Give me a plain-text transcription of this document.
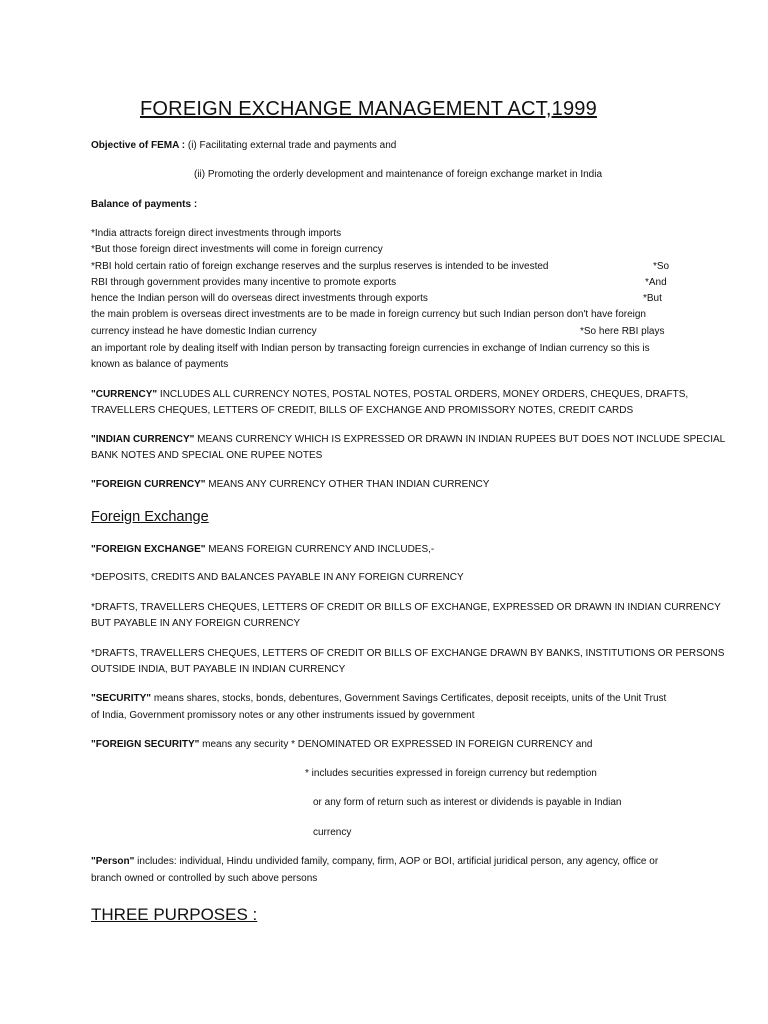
FOREIGN EXCHANGE MANAGEMENT ACT,1999
Objective of FEMA : (i) Facilitating external trade and payments and
(ii) Promoting the orderly development and maintenance of foreign exchange market in India
Balance of payments :
*India attracts foreign direct investments through imports
*But those foreign direct investments will come in foreign currency
*RBI hold certain ratio of foreign exchange reserves and the surplus reserves is intended to be invested	*So
RBI through government provides many incentive to promote exports	*And
hence the Indian person will do overseas direct investments through exports	*But
the main problem is overseas direct investments are to be made in foreign currency but such Indian person don't have foreign
currency instead he have domestic Indian currency	*So here RBI plays
an important role by dealing itself with Indian person by transacting foreign currencies in exchange of Indian currency so this is
known as balance of payments
"CURRENCY" INCLUDES ALL CURRENCY NOTES, POSTAL NOTES, POSTAL ORDERS, MONEY ORDERS, CHEQUES, DRAFTS,
TRAVELLERS CHEQUES, LETTERS OF CREDIT, BILLS OF EXCHANGE AND PROMISSORY NOTES, CREDIT CARDS
"INDIAN CURRENCY" MEANS CURRENCY WHICH IS EXPRESSED OR DRAWN IN INDIAN RUPEES BUT DOES NOT INCLUDE SPECIAL
BANK NOTES AND SPECIAL ONE RUPEE NOTES
"FOREIGN CURRENCY" MEANS ANY CURRENCY OTHER THAN INDIAN CURRENCY
Foreign Exchange
"FOREIGN EXCHANGE" MEANS FOREIGN CURRENCY AND INCLUDES,-
*DEPOSITS, CREDITS AND BALANCES PAYABLE IN ANY FOREIGN CURRENCY
*DRAFTS, TRAVELLERS CHEQUES, LETTERS OF CREDIT OR BILLS OF EXCHANGE, EXPRESSED OR DRAWN IN INDIAN CURRENCY
BUT PAYABLE IN ANY FOREIGN CURRENCY
*DRAFTS, TRAVELLERS CHEQUES, LETTERS OF CREDIT OR BILLS OF EXCHANGE DRAWN BY BANKS, INSTITUTIONS OR PERSONS
OUTSIDE INDIA, BUT PAYABLE IN INDIAN CURRENCY
"SECURITY" means shares, stocks, bonds, debentures, Government Savings Certificates, deposit receipts, units of the Unit Trust
of India, Government promissory notes or any other instruments issued by government
"FOREIGN SECURITY" means any security * DENOMINATED OR EXPRESSED IN FOREIGN CURRENCY and
* includes securities expressed in foreign currency but redemption
or any form of return such as interest or dividends is payable in Indian
currency
"Person" includes: individual, Hindu undivided family, company, firm, AOP or BOI, artificial juridical person, any agency, office or
branch owned or controlled by such above persons
THREE PURPOSES :
